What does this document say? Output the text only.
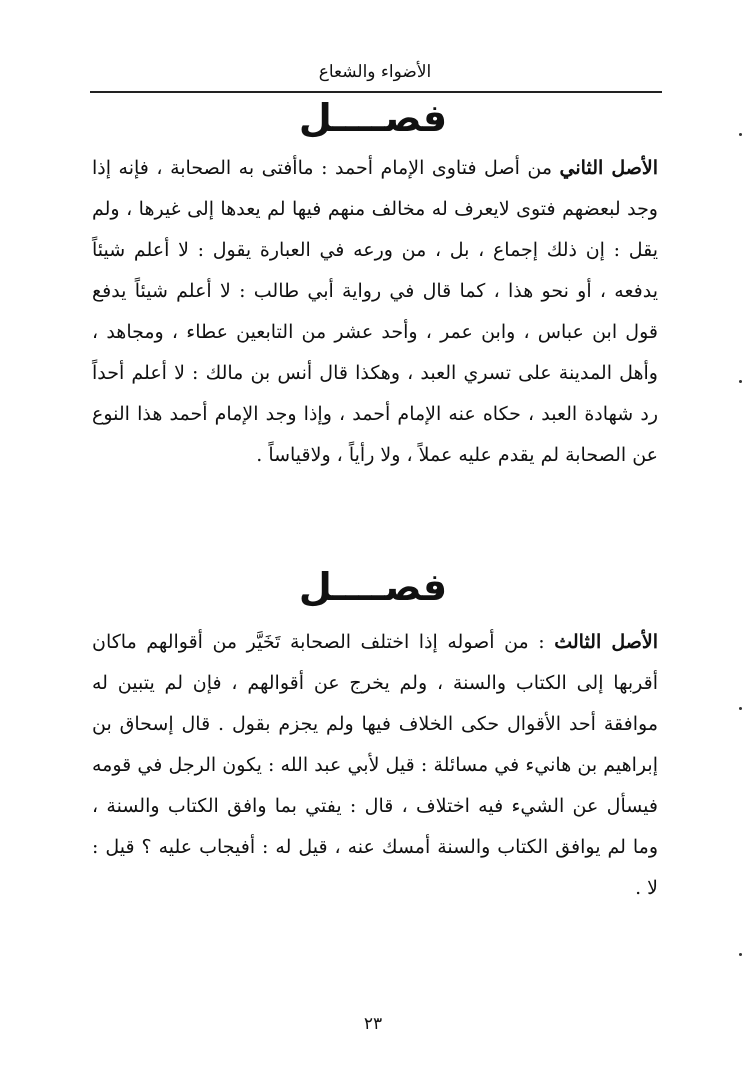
الأضواء والشعاع
فصــــل
الأصل الثاني من أصل فتاوى الإمام أحمد : ماأفتى به الصحابة ، فإنه إذا وجد لبعضهم فتوى لايعرف له مخالف منهم فيها لم يعدها إلى غيرها ، ولم يقل : إن ذلك إجماع ، بل ، من ورعه في العبارة يقول : لا أعلم شيئاً يدفعه ، أو نحو هذا ، كما قال في رواية أبي طالب : لا أعلم شيئاً يدفع قول ابن عباس ، وابن عمر ، وأحد عشر من التابعين عطاء ، ومجاهد ، وأهل المدينة على تسري العبد ، وهكذا قال أنس بن مالك : لا أعلم أحداً رد شهادة العبد ، حكاه عنه الإمام أحمد ، وإذا وجد الإمام أحمد هذا النوع عن الصحابة لم يقدم عليه عملاً ، ولا رأياً ، ولاقياساً .
فصــــل
الأصل الثالث : من أصوله إذا اختلف الصحابة تَخَيَّر من أقوالهم ماكان أقربها إلى الكتاب والسنة ، ولم يخرج عن أقوالهم ، فإن لم يتبين له موافقة أحد الأقوال حكى الخلاف فيها ولم يجزم بقول . قال إسحاق بن إبراهيم بن هانيء في مسائلة : قيل لأبي عبد الله : يكون الرجل في قومه فيسأل عن الشيء فيه اختلاف ، قال : يفتي بما وافق الكتاب والسنة ، وما لم يوافق الكتاب والسنة أمسك عنه ، قيل له : أفيجاب عليه ؟ قيل : لا .
٢٣
